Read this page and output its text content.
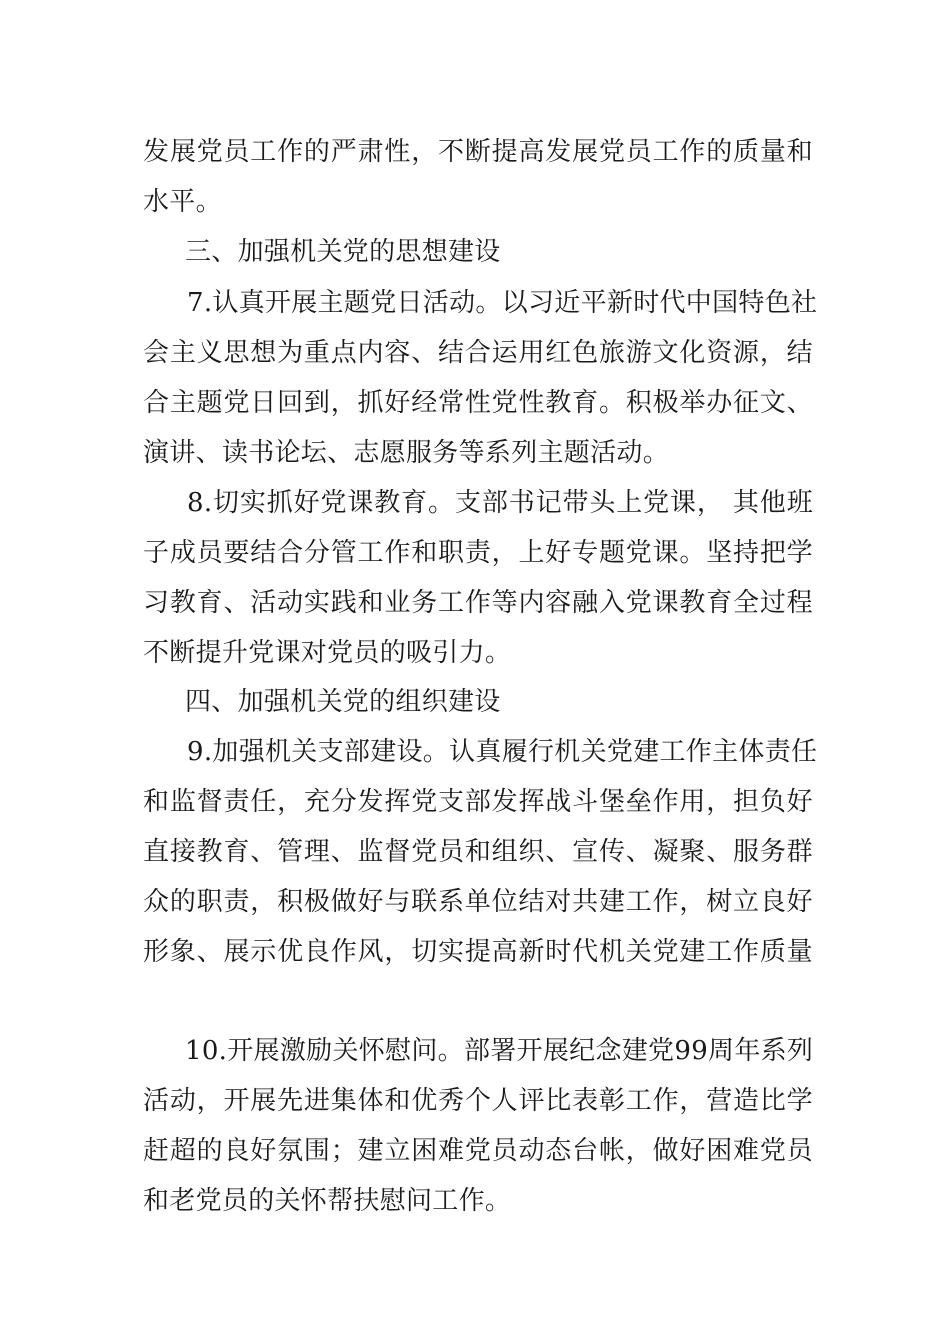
发展党员工作的严肃性，不断提高发展党员工作的质量和
水平。
三、加强机关党的思想建设
7.认真开展主题党日活动。以习近平新时代中国特色社
会主义思想为重点内容、结合运用红色旅游文化资源，结
合主题党日回到，抓好经常性党性教育。积极举办征文、
演讲、读书论坛、志愿服务等系列主题活动。
8.切实抓好党课教育。支部书记带头上党课， 其他班
子成员要结合分管工作和职责，上好专题党课。坚持把学
习教育、活动实践和业务工作等内容融入党课教育全过程
不断提升党课对党员的吸引力。
四、加强机关党的组织建设
9.加强机关支部建设。认真履行机关党建工作主体责任
和监督责任，充分发挥党支部发挥战斗堡垒作用，担负好
直接教育、管理、监督党员和组织、宣传、凝聚、服务群
众的职责，积极做好与联系单位结对共建工作，树立良好
形象、展示优良作风，切实提高新时代机关党建工作质量
10.开展激励关怀慰问。部署开展纪念建党99周年系列
活动，开展先进集体和优秀个人评比表彰工作，营造比学
赶超的良好氛围；建立困难党员动态台帐，做好困难党员
和老党员的关怀帮扶慰问工作。
